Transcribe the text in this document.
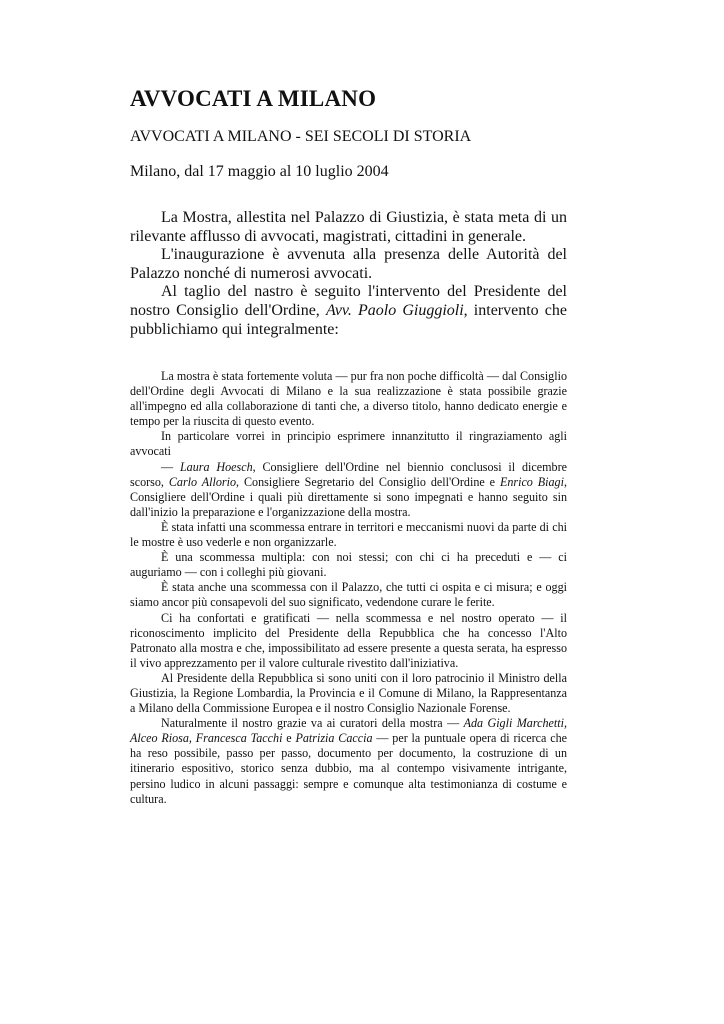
AVVOCATI A MILANO
AVVOCATI A MILANO - SEI SECOLI DI STORIA
Milano, dal 17 maggio al 10 luglio 2004

La Mostra, allestita nel Palazzo di Giustizia, è stata meta di un rilevante afflusso di avvocati, magistrati, cittadini in generale.

L'inaugurazione è avvenuta alla presenza delle Autorità del Palazzo nonché di numerosi avvocati.

Al taglio del nastro è seguito l'intervento del Presidente del nostro Consiglio dell'Ordine, Avv. Paolo Giuggioli, intervento che pubblichiamo qui integralmente:

La mostra è stata fortemente voluta — pur fra non poche difficoltà — dal Consiglio dell'Ordine degli Avvocati di Milano e la sua realizzazione è stata possibile grazie all'impegno ed alla collaborazione di tanti che, a diverso titolo, hanno dedicato energie e tempo per la riuscita di questo evento.

In particolare vorrei in principio esprimere innanzitutto il ringraziamento agli avvocati

— Laura Hoesch, Consigliere dell'Ordine nel biennio conclusosi il dicembre scorso, Carlo Allorio, Consigliere Segretario del Consiglio dell'Ordine e Enrico Biagi, Consigliere dell'Ordine i quali più direttamente si sono impegnati e hanno seguito sin dall'inizio la preparazione e l'organizzazione della mostra.

È stata infatti una scommessa entrare in territori e meccanismi nuovi da parte di chi le mostre è uso vederle e non organizzarle.

È una scommessa multipla: con noi stessi; con chi ci ha preceduti e — ci auguriamo — con i colleghi più giovani.

È stata anche una scommessa con il Palazzo, che tutti ci ospita e ci misura; e oggi siamo ancor più consapevoli del suo significato, vedendone curare le ferite.

Ci ha confortati e gratificati — nella scommessa e nel nostro operato — il riconoscimento implicito del Presidente della Repubblica che ha concesso l'Alto Patronato alla mostra e che, impossibilitato ad essere presente a questa serata, ha espresso il vivo apprezzamento per il valore culturale rivestito dall'iniziativa.

Al Presidente della Repubblica si sono uniti con il loro patrocinio il Ministro della Giustizia, la Regione Lombardia, la Provincia e il Comune di Milano, la Rappresentanza a Milano della Commissione Europea e il nostro Consiglio Nazionale Forense.

Naturalmente il nostro grazie va ai curatori della mostra — Ada Gigli Marchetti, Alceo Riosa, Francesca Tacchi e Patrizia Caccia — per la puntuale opera di ricerca che ha reso possibile, passo per passo, documento per documento, la costruzione di un itinerario espositivo, storico senza dubbio, ma al contempo visivamente intrigante, persino ludico in alcuni passaggi: sempre e comunque alta testimonianza di costume e cultura.
